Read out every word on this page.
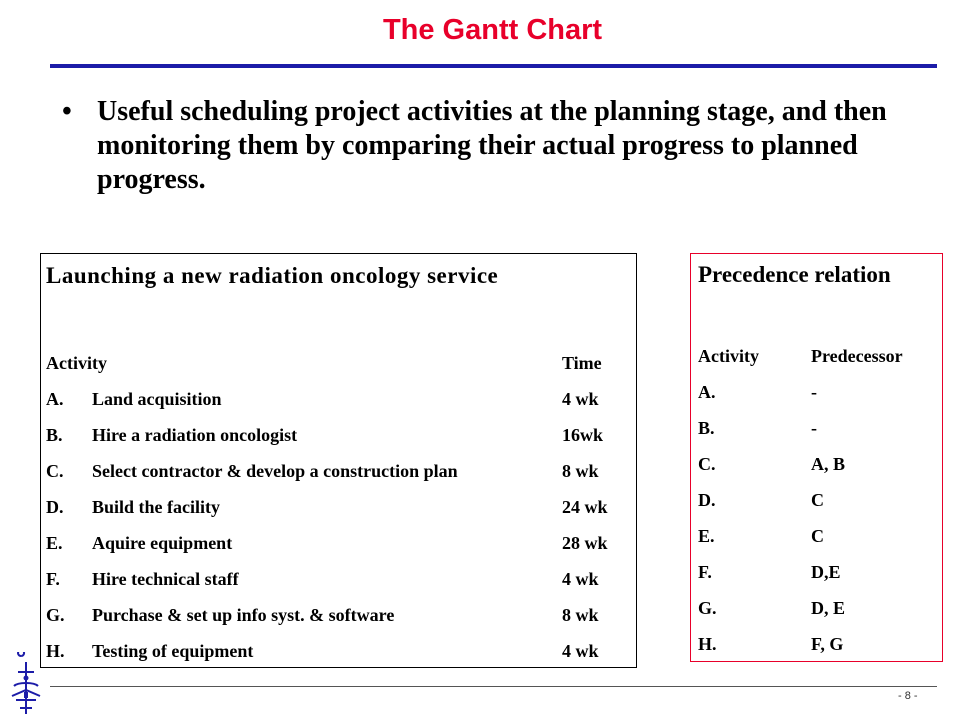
The Gantt Chart
• Useful scheduling project activities at the planning stage, and then monitoring them by comparing their actual progress to planned progress.
Launching a new radiation oncology service
Activity	Time
A. Land acquisition	4 wk
B. Hire a radiation oncologist	16wk
C. Select contractor & develop a construction plan	8 wk
D. Build the facility	24 wk
E. Aquire equipment	28 wk
F. Hire technical staff	4 wk
G. Purchase & set up info syst. & software	8 wk
H. Testing of equipment	4 wk
Precedence relation
Activity	Predecessor
A.	-
B.	-
C.	A, B
D.	C
E.	C
F.	D,E
G.	D, E
H.	F, G
- 8 -
